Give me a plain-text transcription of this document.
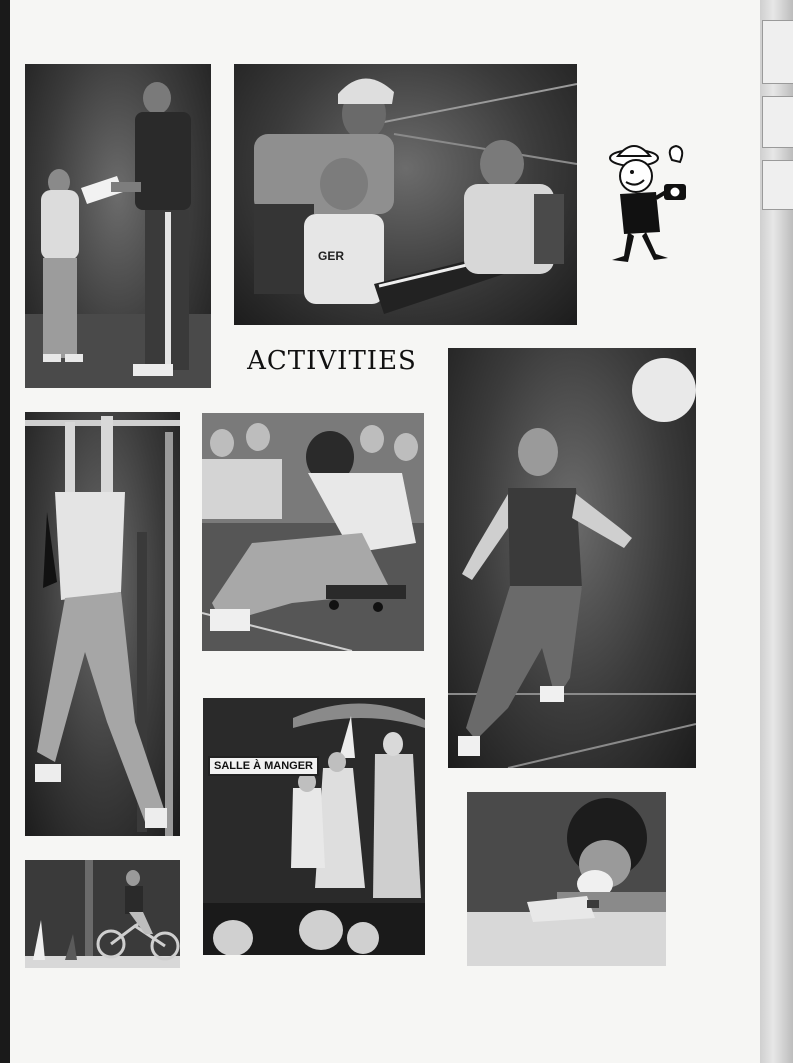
GER
ACTIVITIES
SALLE À MANGER
